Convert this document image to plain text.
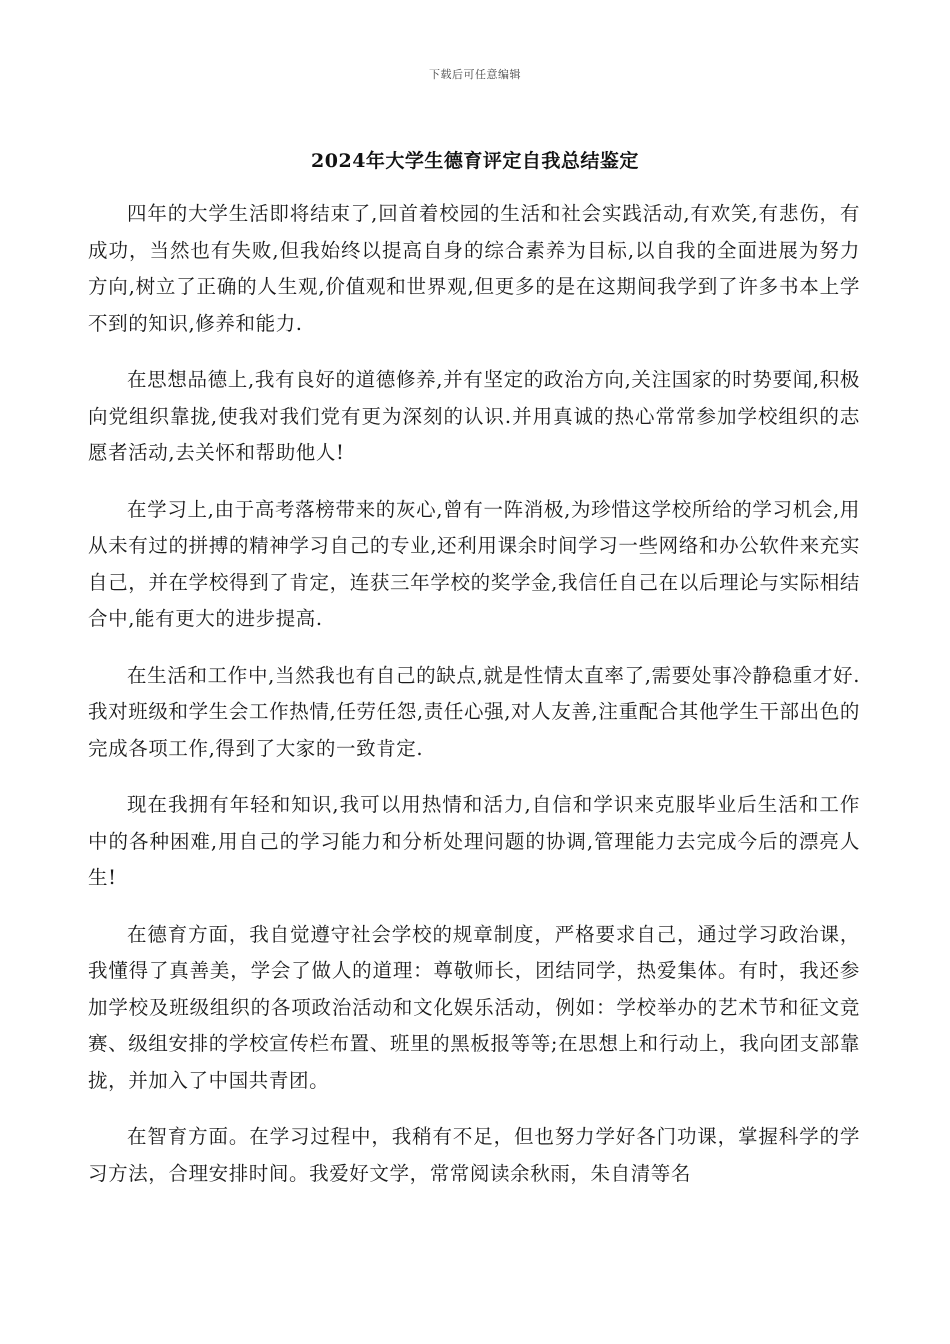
下载后可任意编辑
2024年大学生德育评定自我总结鉴定

四年的大学生活即将结束了,回首着校园的生活和社会实践活动,有欢笑,有悲伤，有成功，当然也有失败,但我始终以提高自身的综合素养为目标,以自我的全面进展为努力方向,树立了正确的人生观,价值观和世界观,但更多的是在这期间我学到了许多书本上学不到的知识,修养和能力.

在思想品德上,我有良好的道德修养,并有坚定的政治方向,关注国家的时势要闻,积极向党组织靠拢,使我对我们党有更为深刻的认识.并用真诚的热心常常参加学校组织的志愿者活动,去关怀和帮助他人!

在学习上,由于高考落榜带来的灰心,曾有一阵消极,为珍惜这学校所给的学习机会,用从未有过的拼搏的精神学习自己的专业,还利用课余时间学习一些网络和办公软件来充实自己，并在学校得到了肯定，连获三年学校的奖学金,我信任自己在以后理论与实际相结合中,能有更大的进步提高.

在生活和工作中,当然我也有自己的缺点,就是性情太直率了,需要处事冷静稳重才好.我对班级和学生会工作热情,任劳任怨,责任心强,对人友善,注重配合其他学生干部出色的完成各项工作,得到了大家的一致肯定.

现在我拥有年轻和知识,我可以用热情和活力,自信和学识来克服毕业后生活和工作中的各种困难,用自己的学习能力和分析处理问题的协调,管理能力去完成今后的漂亮人生!

在德育方面，我自觉遵守社会学校的规章制度，严格要求自己，通过学习政治课，我懂得了真善美，学会了做人的道理：尊敬师长，团结同学，热爱集体。有时，我还参加学校及班级组织的各项政治活动和文化娱乐活动，例如：学校举办的艺术节和征文竞赛、级组安排的学校宣传栏布置、班里的黑板报等等;在思想上和行动上，我向团支部靠拢，并加入了中国共青团。

在智育方面。在学习过程中，我稍有不足，但也努力学好各门功课，掌握科学的学习方法，合理安排时间。我爱好文学，常常阅读余秋雨，朱自清等名
